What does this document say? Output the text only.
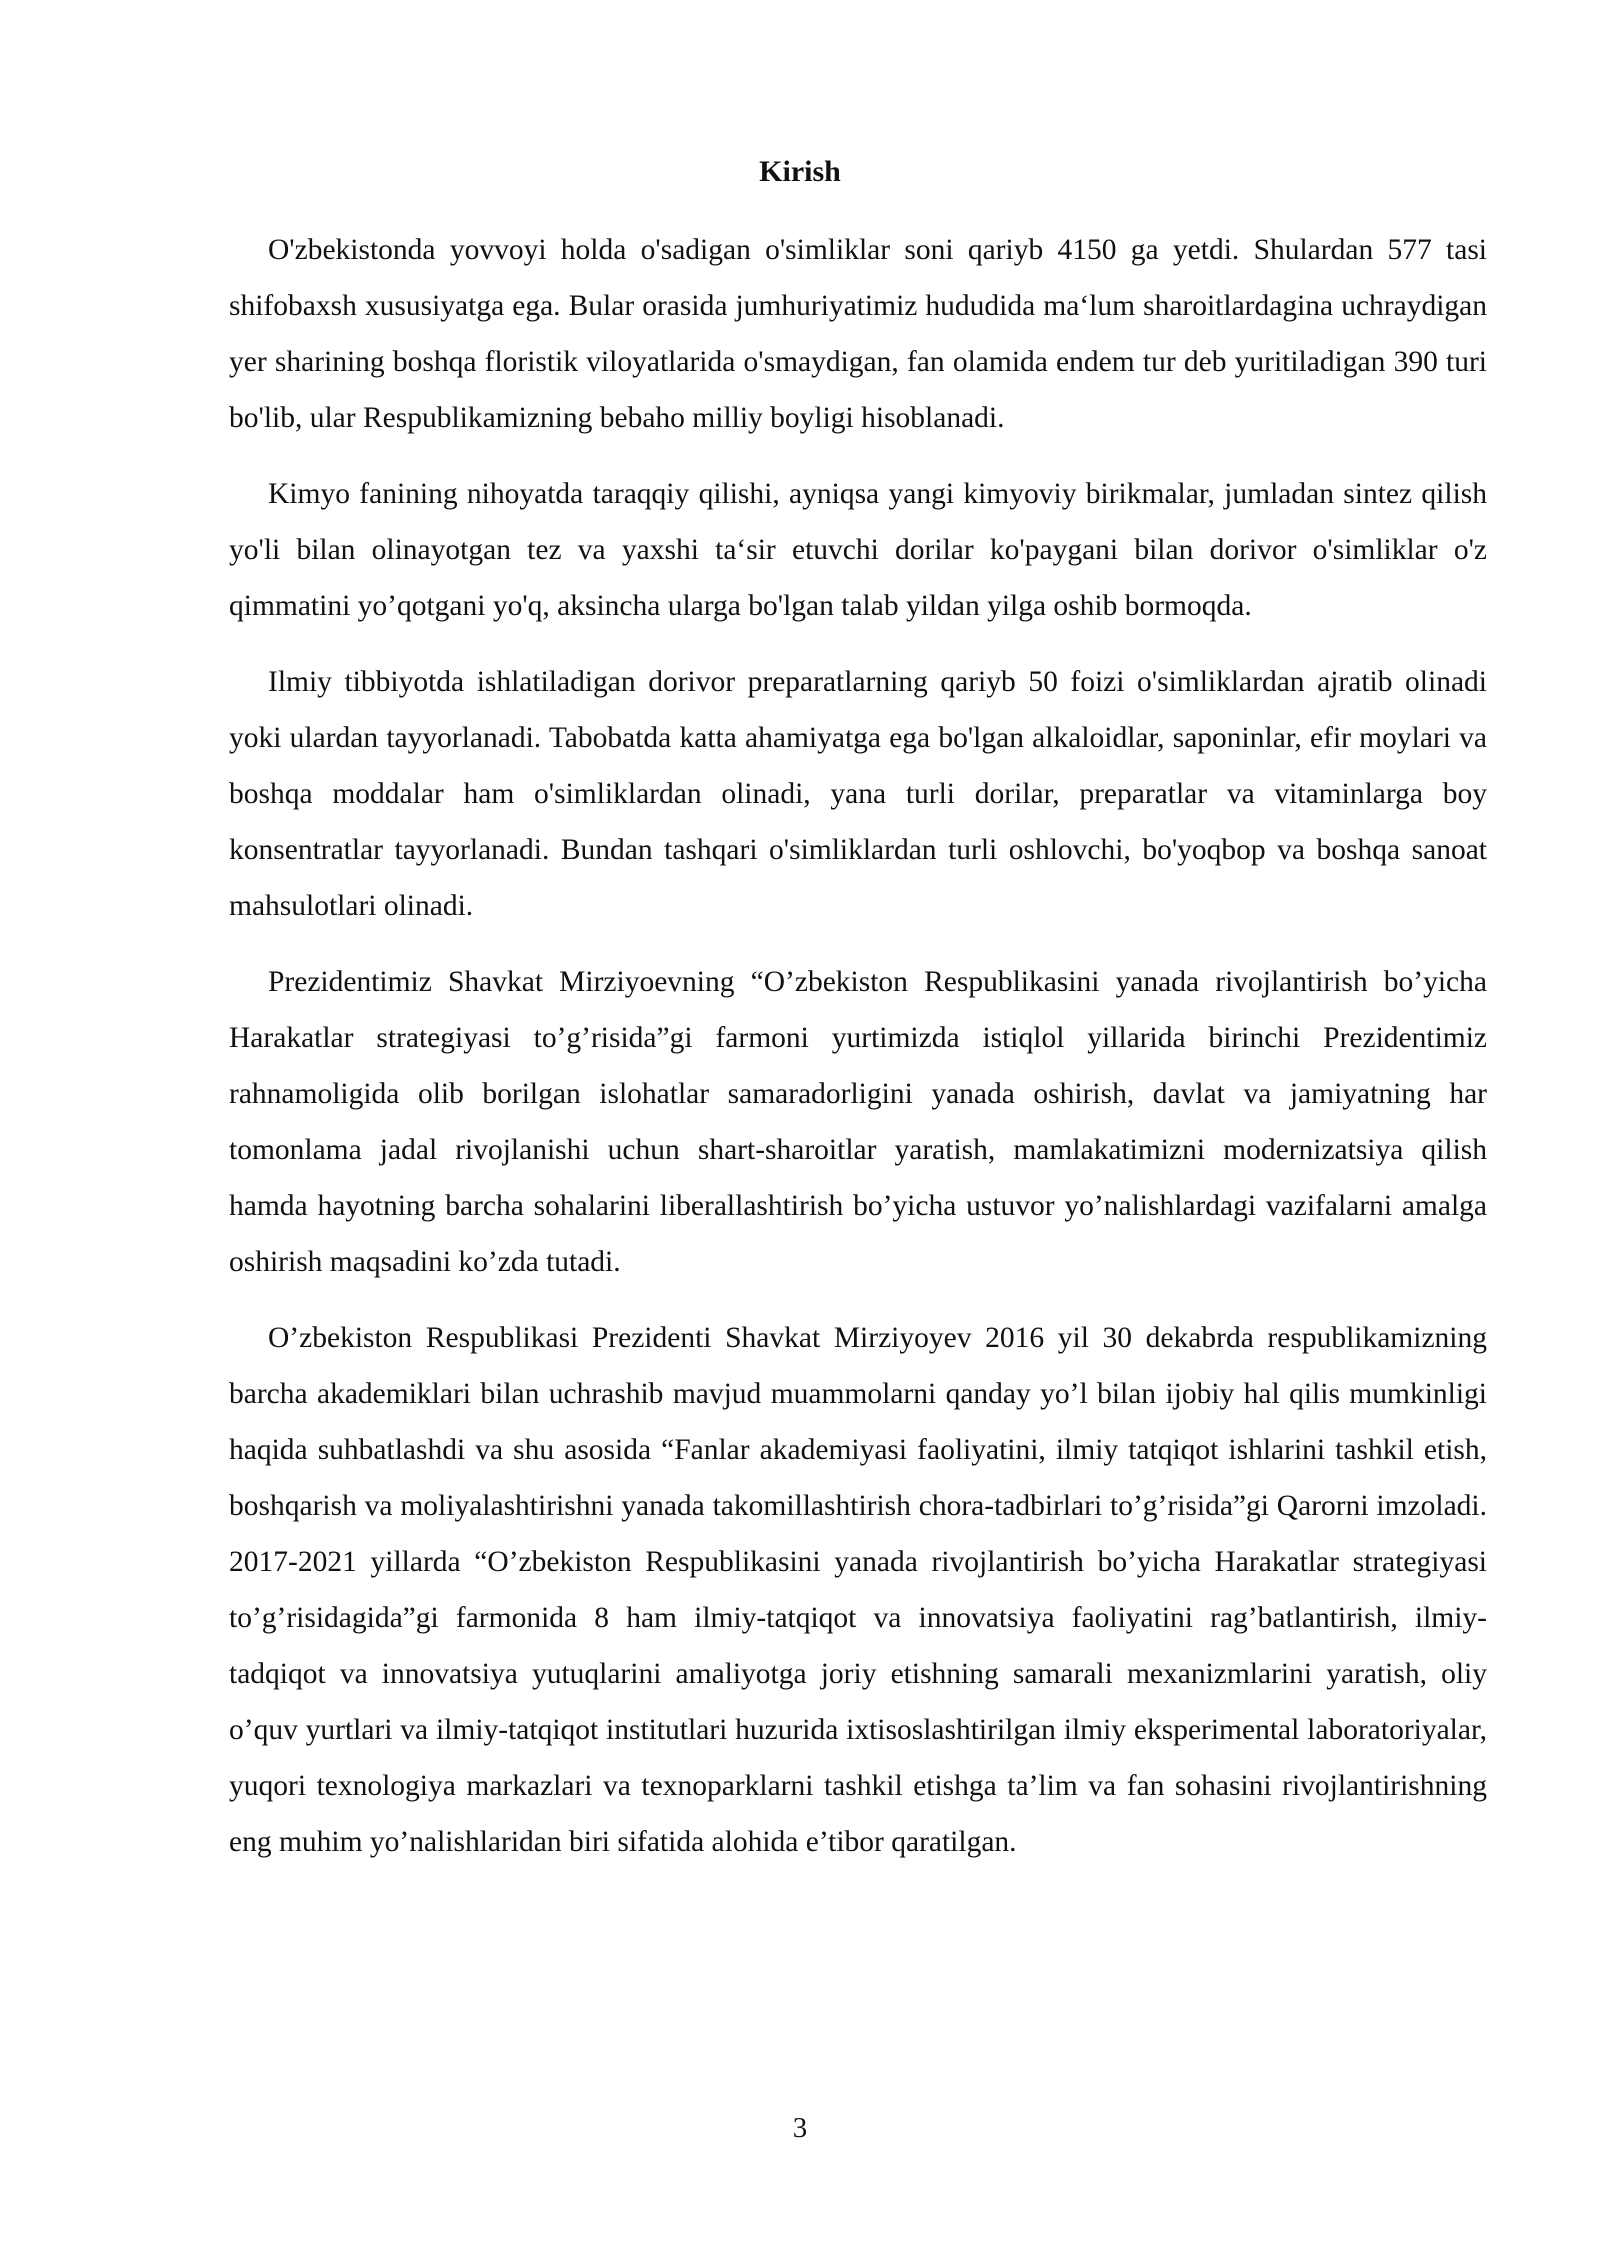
Kirish

O'zbekistonda yovvoyi holda o'sadigan o'simliklar soni qariyb 4150 ga yetdi. Shulardan 577 tasi shifobaxsh xususiyatga ega. Bular orasida jumhuriyatimiz hududida ma‘lum sharoitlardagina uchraydigan yer sharining boshqa floristik viloyatlarida o'smaydigan, fan olamida endem tur deb yuritiladigan 390 turi bo'lib, ular Respublikamizning bebaho milliy boyligi hisoblanadi.

Kimyo fanining nihoyatda taraqqiy qilishi, ayniqsa yangi kimyoviy birikmalar, jumladan sintez qilish yo'li bilan olinayotgan tez va yaxshi ta‘sir etuvchi dorilar ko'paygani bilan dorivor o'simliklar o'z qimmatini yo’qotgani yo'q, aksincha ularga bo'lgan talab yildan yilga oshib bormoqda.

Ilmiy tibbiyotda ishlatiladigan dorivor preparatlarning qariyb 50 foizi o'simliklardan ajratib olinadi yoki ulardan tayyorlanadi. Tabobatda katta ahamiyatga ega bo'lgan alkaloidlar, saponinlar, efir moylari va boshqa moddalar ham o'simliklardan olinadi, yana turli dorilar, preparatlar va vitaminlarga boy konsentratlar tayyorlanadi. Bundan tashqari o'simliklardan turli oshlovchi, bo'yoqbop va boshqa sanoat mahsulotlari olinadi.

Prezidentimiz Shavkat Mirziyoevning “O’zbekiston Respublikasini yanada rivojlantirish bo’yicha Harakatlar strategiyasi to’g’risida”gi farmoni yurtimizda istiqlol yillarida birinchi Prezidentimiz rahnamoligida olib borilgan islohatlar samaradorligini yanada oshirish, davlat va jamiyatning har tomonlama jadal rivojlanishi uchun shart-sharoitlar yaratish, mamlakatimizni modernizatsiya qilish hamda hayotning barcha sohalarini liberallashtirish bo’yicha ustuvor yo’nalishlardagi vazifalarni amalga oshirish maqsadini ko’zda tutadi.

O’zbekiston Respublikasi Prezidenti Shavkat Mirziyoyev 2016 yil 30 dekabrda respublikamizning barcha akademiklari bilan uchrashib mavjud muammolarni qanday yo’l bilan ijobiy hal qilis mumkinligi haqida suhbatlashdi va shu asosida “Fanlar akademiyasi faoliyatini, ilmiy tatqiqot ishlarini tashkil etish, boshqarish va moliyalashtirishni yanada takomillashtirish chora-tadbirlari to’g’risida”gi Qarorni imzoladi. 2017-2021 yillarda “O’zbekiston Respublikasini yanada rivojlantirish bo’yicha Harakatlar strategiyasi to’g’risidagida”gi farmonida 8 ham ilmiy-tatqiqot va innovatsiya faoliyatini rag’batlantirish, ilmiy-tadqiqot va innovatsiya yutuqlarini amaliyotga joriy etishning samarali mexanizmlarini yaratish, oliy o’quv yurtlari va ilmiy-tatqiqot institutlari huzurida ixtisoslashtirilgan ilmiy eksperimental laboratoriyalar, yuqori texnologiya markazlari va texnoparklarni tashkil etishga ta’lim va fan sohasini rivojlantirishning eng muhim yo’nalishlaridan biri sifatida alohida e’tibor qaratilgan.

3
